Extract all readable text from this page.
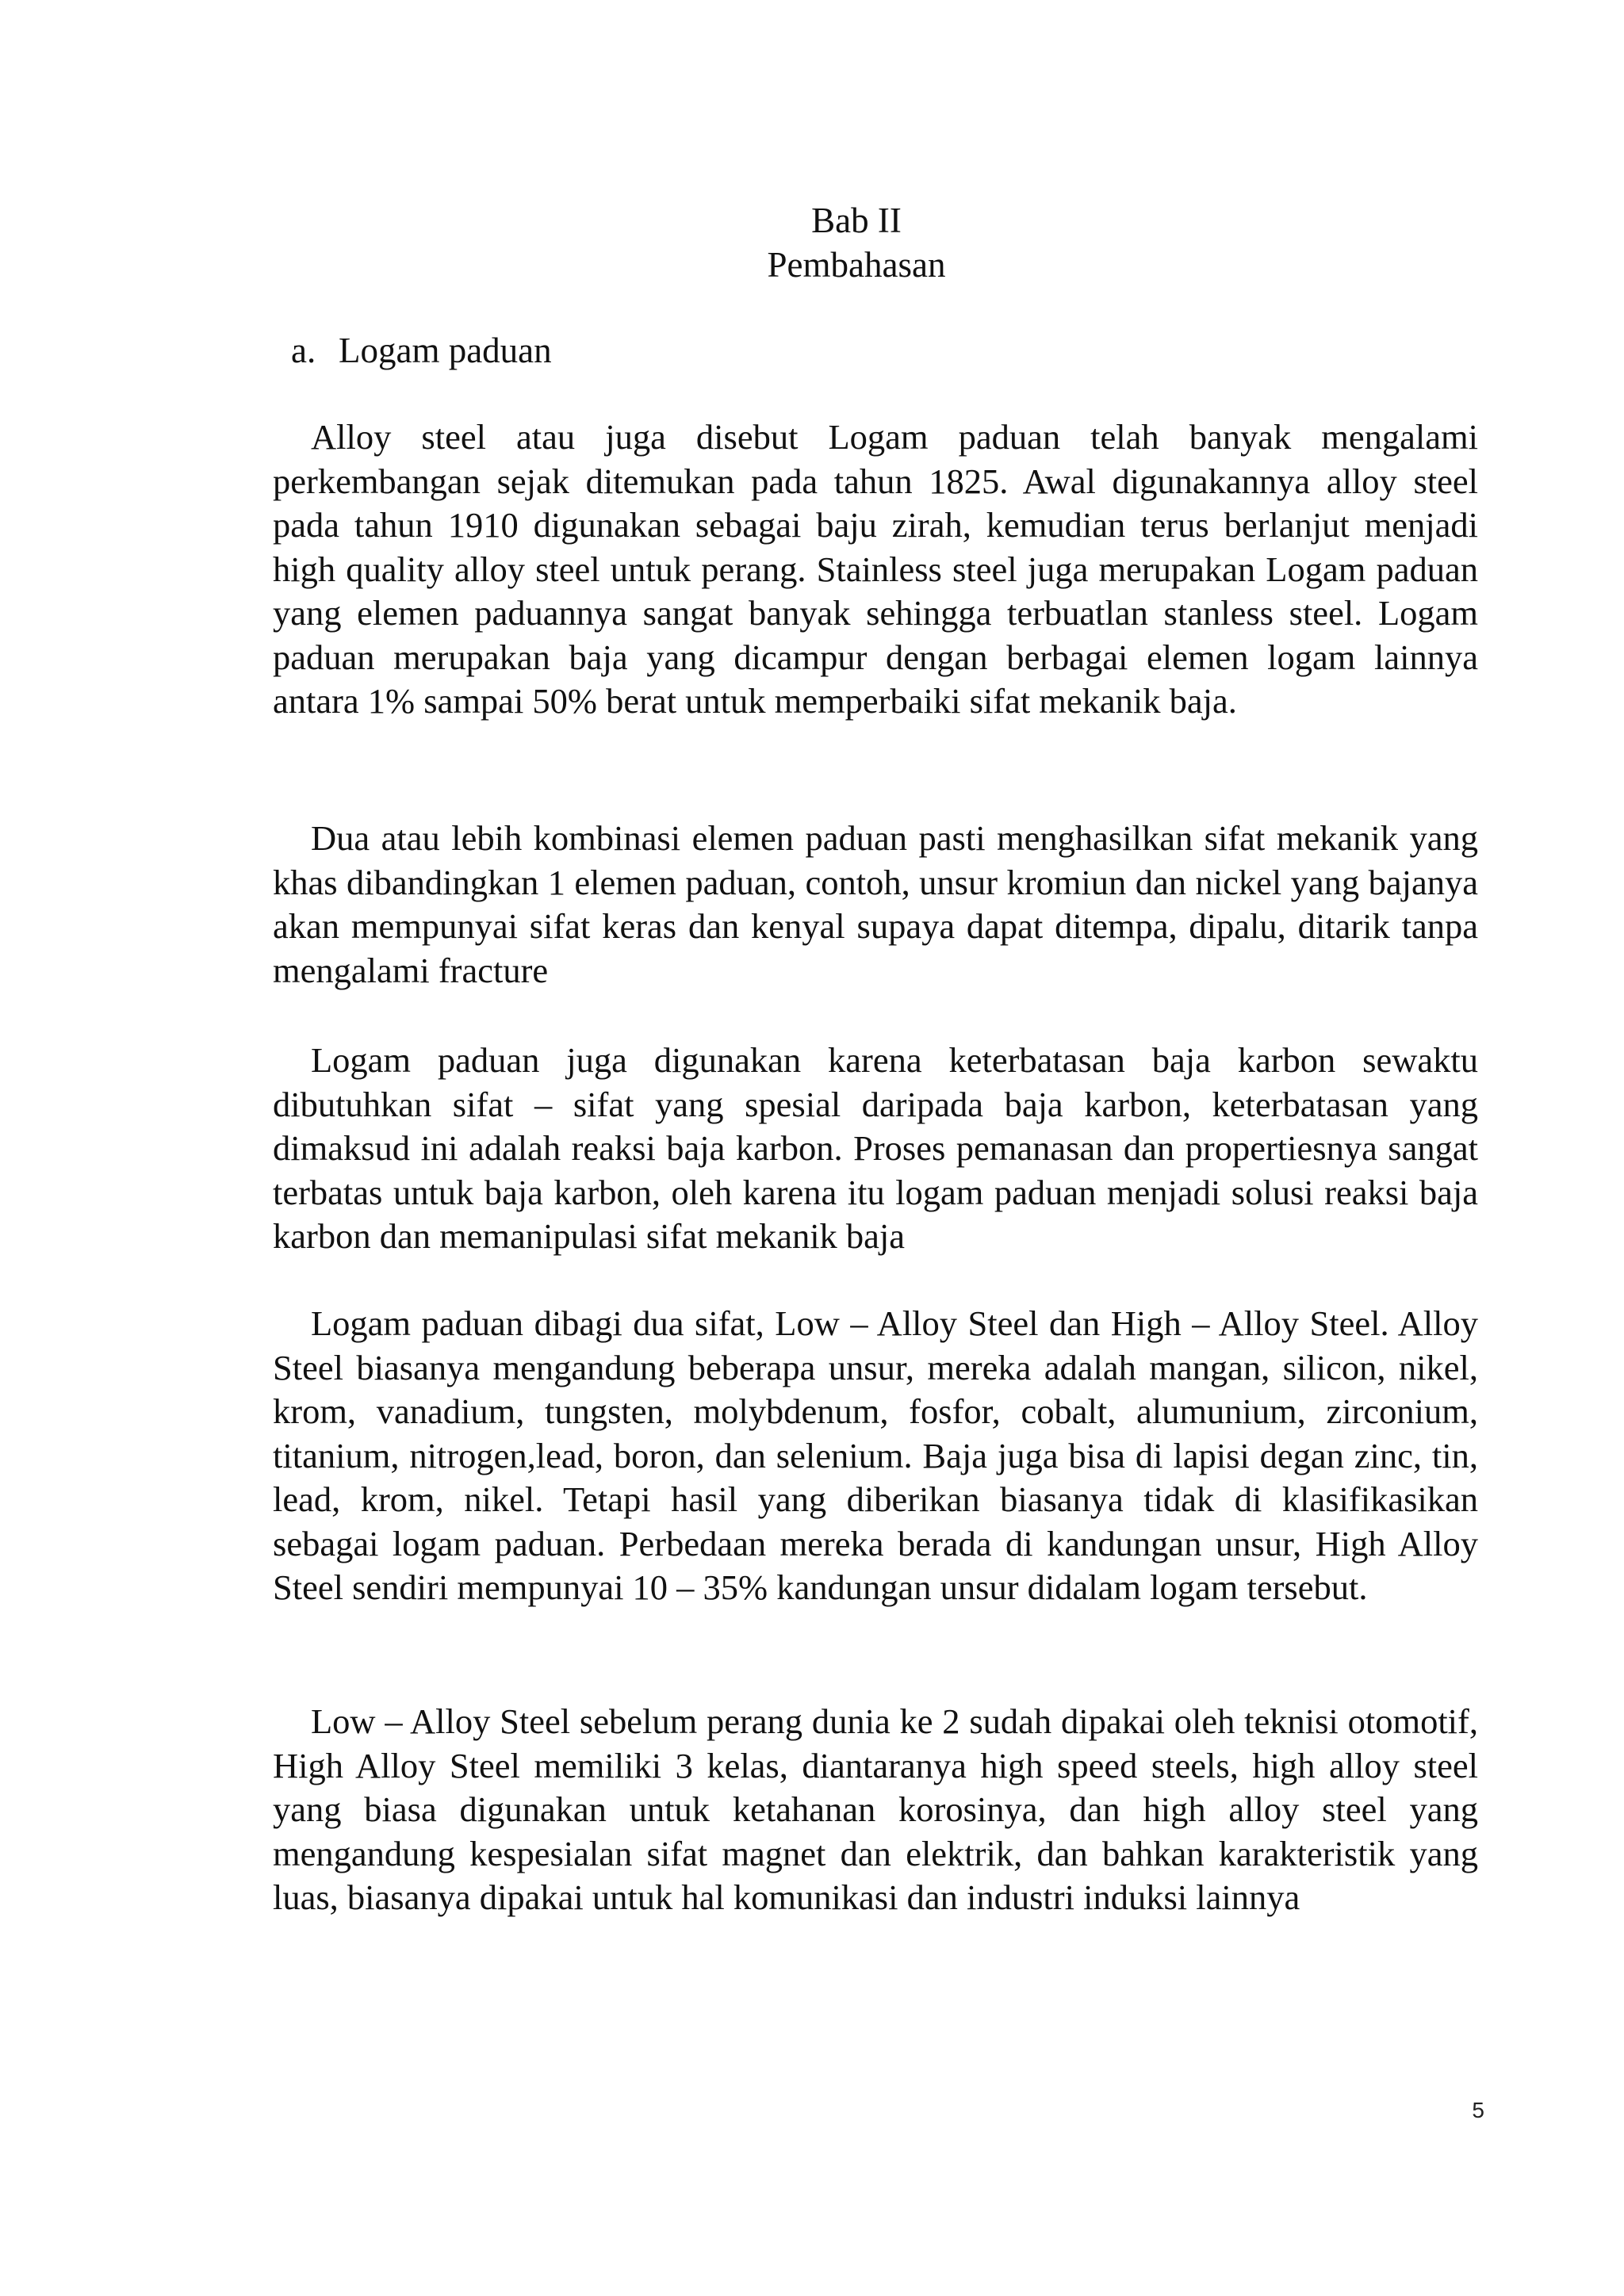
Bab II
Pembahasan
a. Logam paduan

Alloy steel atau juga disebut Logam paduan telah banyak mengalami perkembangan sejak ditemukan pada tahun 1825. Awal digunakannya alloy steel pada tahun 1910 digunakan sebagai baju zirah, kemudian terus berlanjut menjadi high quality alloy steel untuk perang. Stainless steel juga merupakan Logam paduan yang elemen paduannya sangat banyak sehingga terbuatlan stanless steel. Logam paduan merupakan baja yang dicampur dengan berbagai elemen logam lainnya antara 1% sampai 50% berat untuk memperbaiki sifat mekanik baja.

Dua atau lebih kombinasi elemen paduan pasti menghasilkan sifat mekanik yang khas dibandingkan 1 elemen paduan, contoh, unsur kromiun dan nickel yang bajanya akan mempunyai sifat keras dan kenyal supaya dapat ditempa, dipalu, ditarik tanpa mengalami fracture

Logam paduan juga digunakan karena keterbatasan baja karbon sewaktu dibutuhkan sifat – sifat yang spesial daripada baja karbon, keterbatasan yang dimaksud ini adalah reaksi baja karbon. Proses pemanasan dan propertiesnya sangat terbatas untuk baja karbon, oleh karena itu logam paduan menjadi solusi reaksi baja karbon dan memanipulasi sifat mekanik baja

Logam paduan dibagi dua sifat, Low – Alloy Steel dan High – Alloy Steel. Alloy Steel biasanya mengandung beberapa unsur, mereka adalah mangan, silicon, nikel, krom, vanadium, tungsten, molybdenum, fosfor, cobalt, alumunium, zirconium, titanium, nitrogen,lead, boron, dan selenium. Baja juga bisa di lapisi degan zinc, tin, lead, krom, nikel. Tetapi hasil yang diberikan biasanya tidak di klasifikasikan sebagai logam paduan. Perbedaan mereka berada di kandungan unsur, High Alloy Steel sendiri mempunyai 10 – 35% kandungan unsur didalam logam tersebut.

Low – Alloy Steel sebelum perang dunia ke 2 sudah dipakai oleh teknisi otomotif, High Alloy Steel memiliki 3 kelas, diantaranya high speed steels, high alloy steel yang biasa digunakan untuk ketahanan korosinya, dan high alloy steel yang mengandung kespesialan sifat magnet dan elektrik, dan bahkan karakteristik yang luas, biasanya dipakai untuk hal komunikasi dan industri induksi lainnya

5
